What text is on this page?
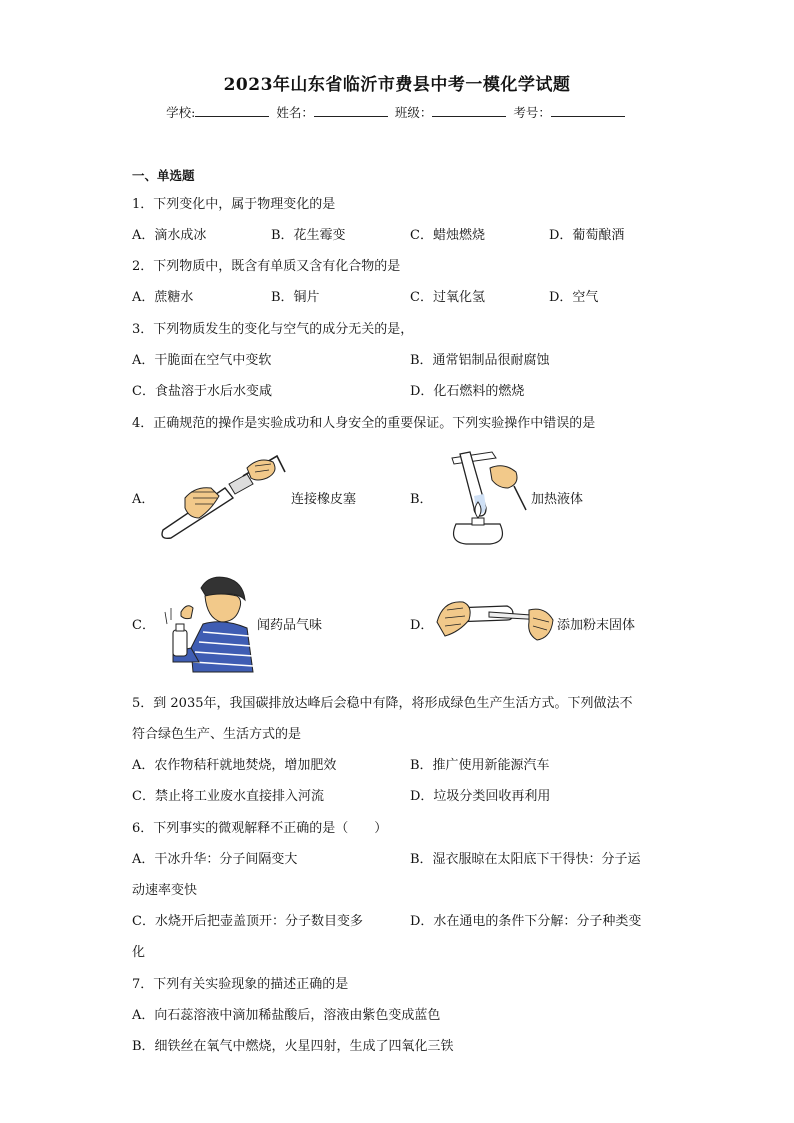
2023年山东省临沂市费县中考一模化学试题
学校:	姓名：	班级：	考号：
一、单选题
1．下列变化中，属于物理变化的是
A．滴水成冰	B．花生霉变	C．蜡烛燃烧	D．葡萄酿酒
2．下列物质中，既含有单质又含有化合物的是
A．蔗糖水	B．铜片	C．过氧化氢	D．空气
3．下列物质发生的变化与空气的成分无关的是，
A．干脆面在空气中变软	B．通常铝制品很耐腐蚀
C．食盐溶于水后水变咸	D．化石燃料的燃烧
4．正确规范的操作是实验成功和人身安全的重要保证。下列实验操作中错误的是
A．	连接橡皮塞	B．	加热液体
C．	闻药品气味	D．	添加粉末固体
5．到 2035年，我国碳排放达峰后会稳中有降，将形成绿色生产生活方式。下列做法不
符合绿色生产、生活方式的是
A．农作物秸秆就地焚烧，增加肥效	B．推广使用新能源汽车
C．禁止将工业废水直接排入河流	D．垃圾分类回收再利用
6．下列事实的微观解释不正确的是（　　）
A．干冰升华：分子间隔变大	B．湿衣服晾在太阳底下干得快：分子运
动速率变快
C．水烧开后把壶盖顶开：分子数目变多	D．水在通电的条件下分解：分子种类变
化
7．下列有关实验现象的描述正确的是
A．向石蕊溶液中滴加稀盐酸后，溶液由紫色变成蓝色
B．细铁丝在氧气中燃烧，火星四射，生成了四氧化三铁
